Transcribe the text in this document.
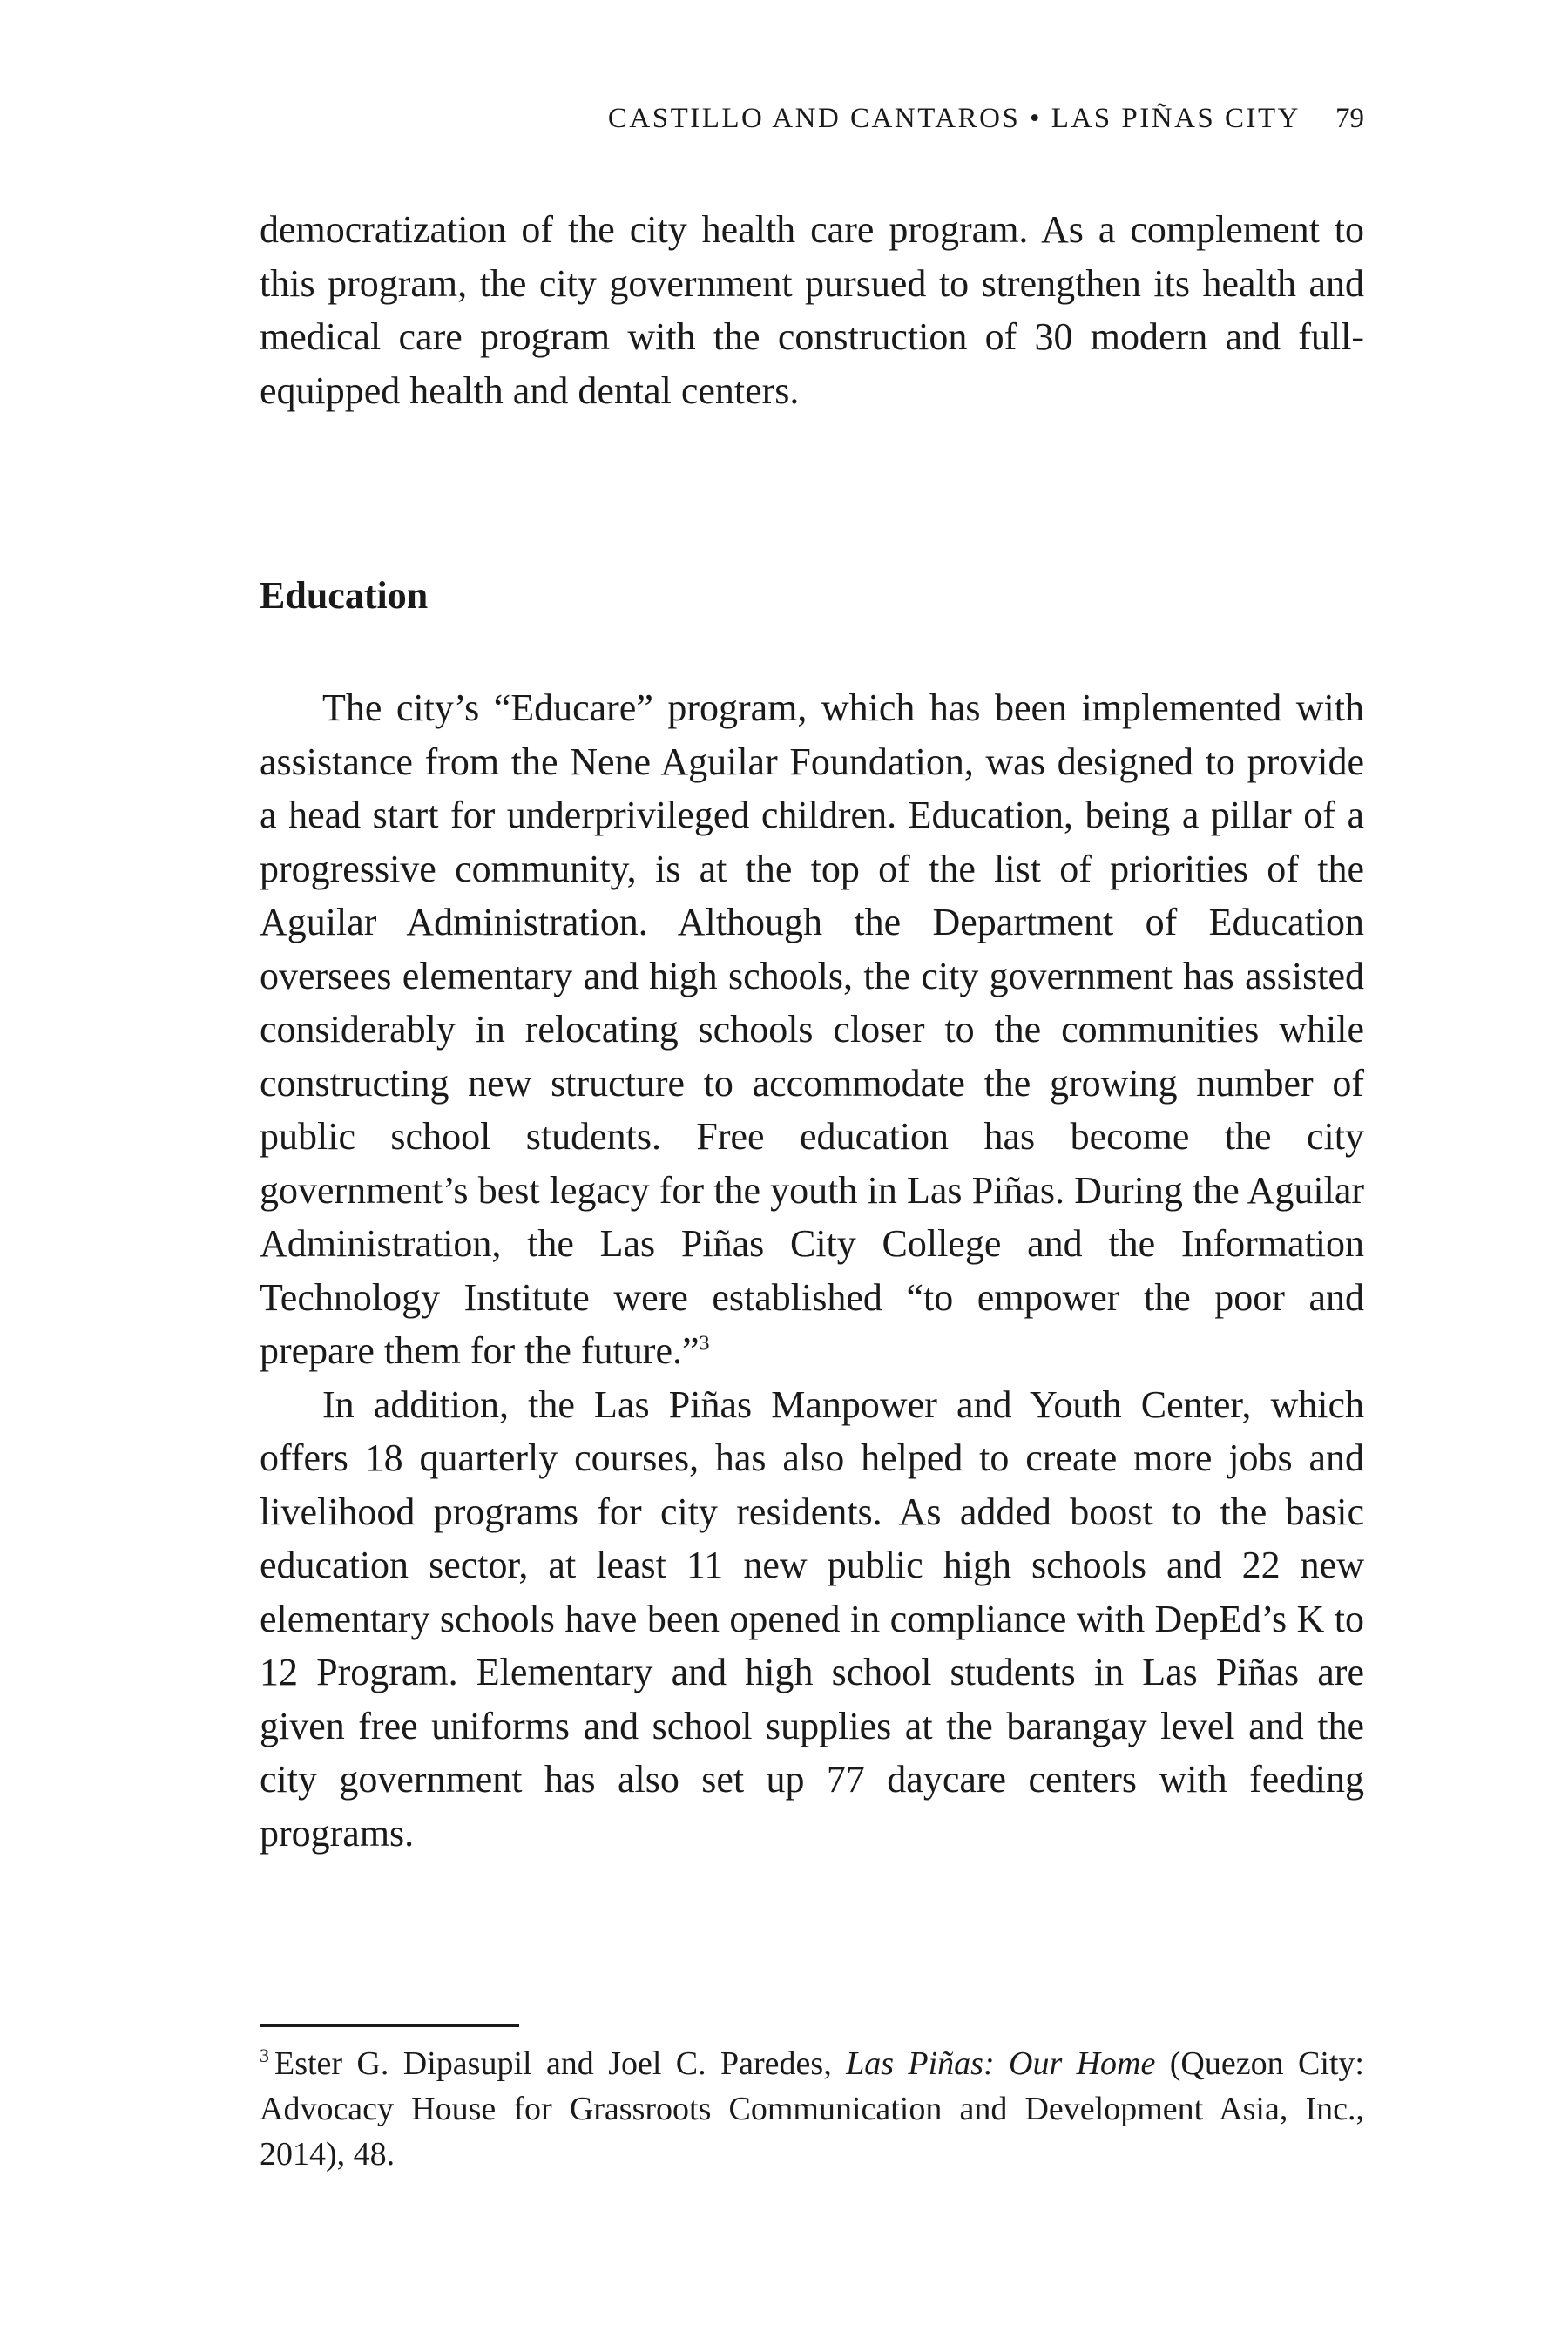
CASTILLO AND CANTAROS • LAS PIÑAS CITY 79

democratization of the city health care program. As a complement to this program, the city government pursued to strengthen its health and medical care program with the construction of 30 modern and full-equipped health and dental centers.

Education

The city’s “Educare” program, which has been implemented with assistance from the Nene Aguilar Foundation, was designed to provide a head start for underprivileged children. Education, being a pillar of a progressive community, is at the top of the list of priorities of the Aguilar Administration. Although the Department of Education oversees elementary and high schools, the city government has assisted considerably in relocating schools closer to the communities while constructing new structure to accommodate the growing number of public school students. Free education has become the city government’s best legacy for the youth in Las Piñas. During the Aguilar Administration, the Las Piñas City College and the Information Technology Institute were established “to empower the poor and prepare them for the future.”$^3$

In addition, the Las Piñas Manpower and Youth Center, which offers 18 quarterly courses, has also helped to create more jobs and livelihood programs for city residents. As added boost to the basic education sector, at least 11 new public high schools and 22 new elementary schools have been opened in compliance with DepEd’s K to 12 Program. Elementary and high school students in Las Piñas are given free uniforms and school supplies at the barangay level and the city government has also set up 77 daycare centers with feeding programs.

$^3$ Ester G. Dipasupil and Joel C. Paredes, Las Piñas: Our Home (Quezon City: Advocacy House for Grassroots Communication and Development Asia, Inc., 2014), 48.
